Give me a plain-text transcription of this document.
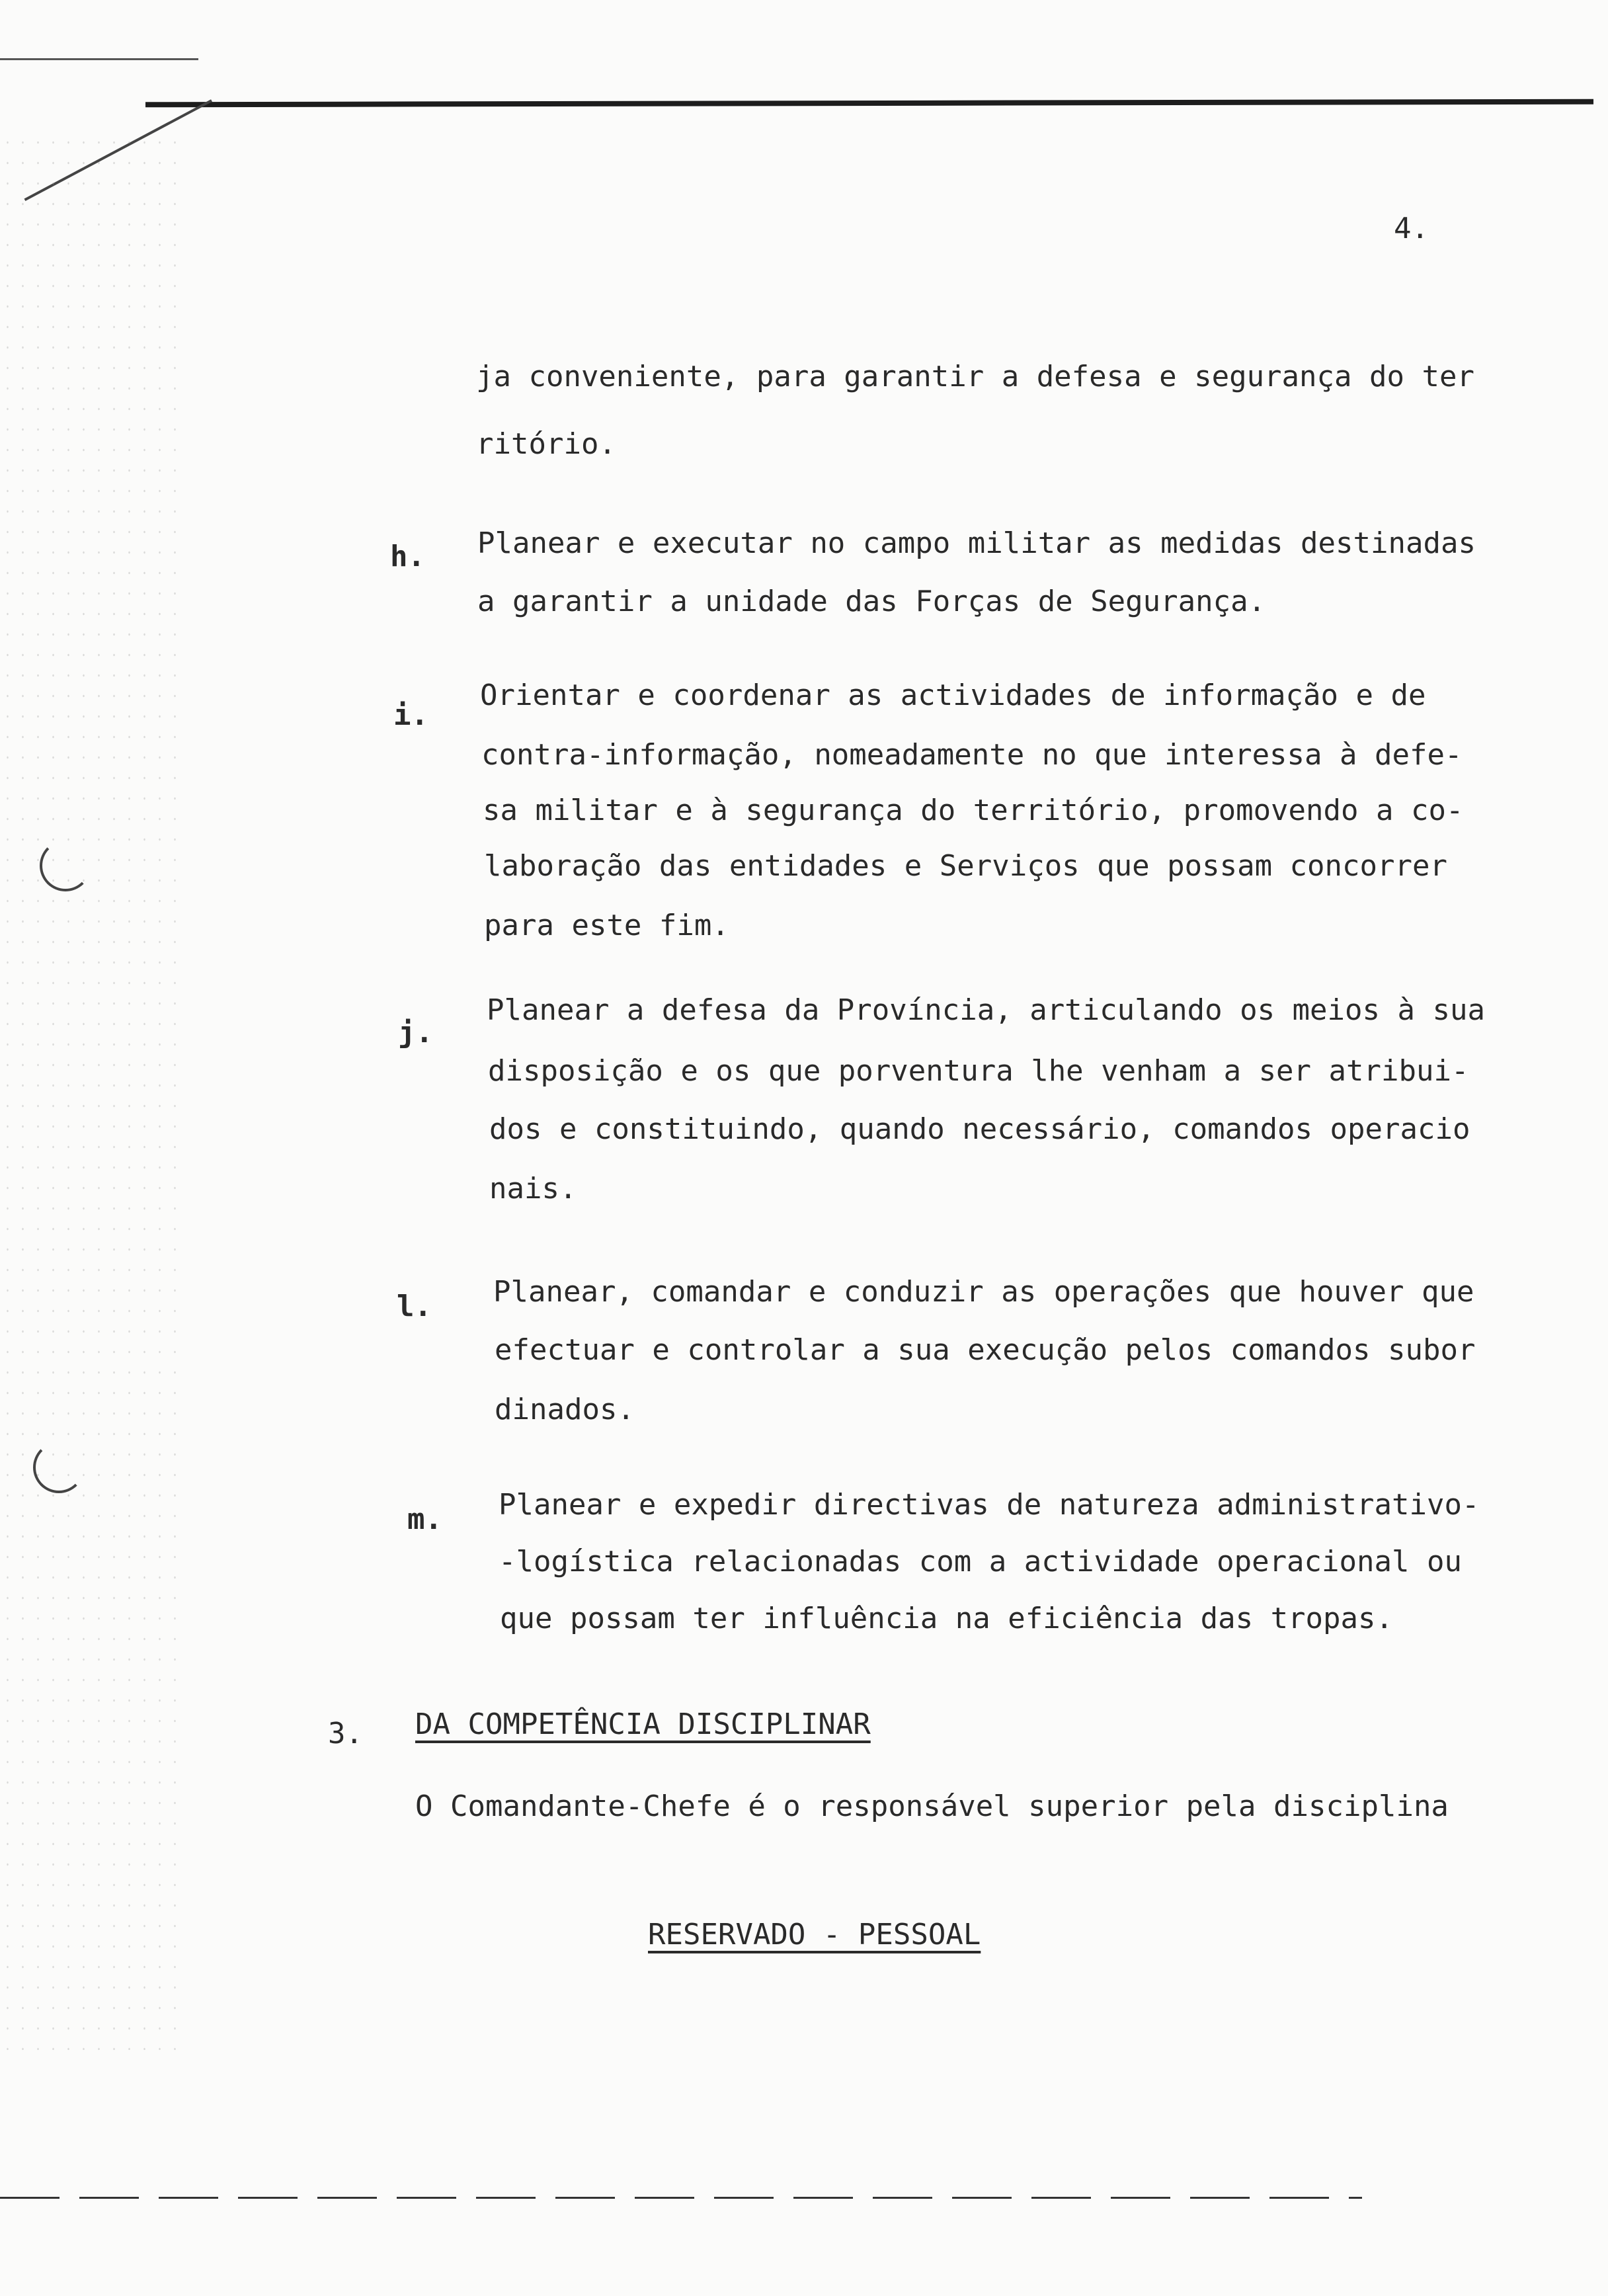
4.
ja conveniente, para garantir a defesa e segurança do ter
ritório.
h. Planear e executar no campo militar as medidas destinadas
a garantir a unidade das Forças de Segurança.
i.
Orientar e coordenar as actividades de informação e de
contra-informação, nomeadamente no que interessa à defe-
sa militar e à segurança do território, promovendo a co-
laboração das entidades e Serviços que possam concorrer
para este fim.
j.
Planear a defesa da Província, articulando os meios à sua
disposição e os que porventura lhe venham a ser atribui-
dos e constituindo, quando necessário, comandos operacio
nais.
l. Planear, comandar e conduzir as operações que houver que
efectuar e controlar a sua execução pelos comandos subor
dinados.
m. Planear e expedir directivas de natureza administrativo-
-logística relacionadas com a actividade operacional ou
que possam ter influência na eficiência das tropas.
3. DA COMPETÊNCIA DISCIPLINAR
O Comandante-Chefe é o responsável superior pela disciplina
RESERVADO - PESSOAL
